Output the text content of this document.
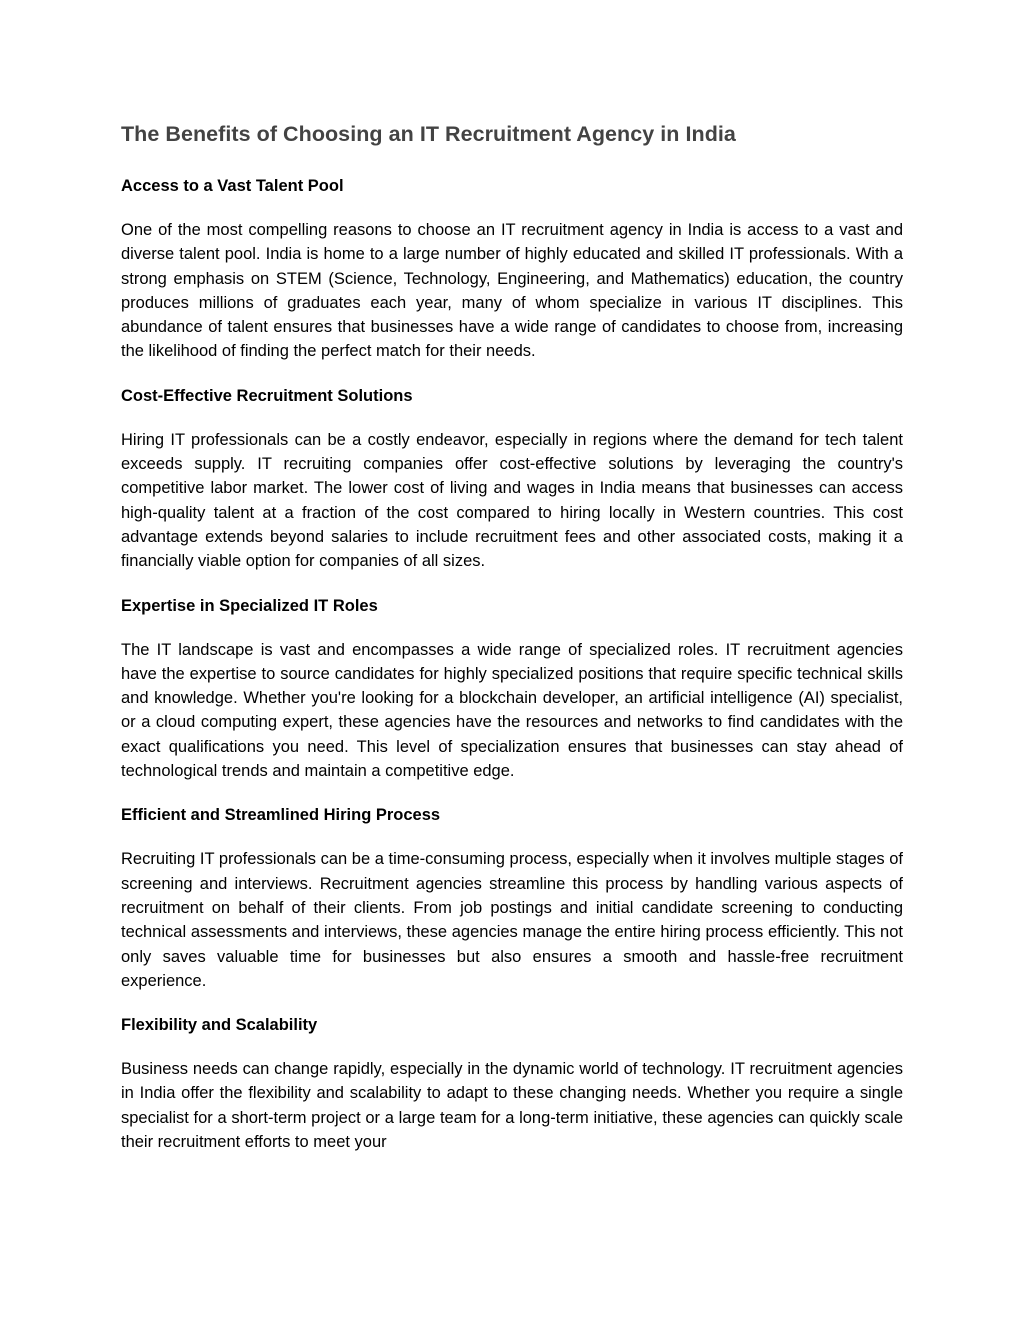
The Benefits of Choosing an IT Recruitment Agency in India
Access to a Vast Talent Pool

One of the most compelling reasons to choose an IT recruitment agency in India is access to a vast and diverse talent pool. India is home to a large number of highly educated and skilled IT professionals. With a strong emphasis on STEM (Science, Technology, Engineering, and Mathematics) education, the country produces millions of graduates each year, many of whom specialize in various IT disciplines. This abundance of talent ensures that businesses have a wide range of candidates to choose from, increasing the likelihood of finding the perfect match for their needs.

Cost-Effective Recruitment Solutions

Hiring IT professionals can be a costly endeavor, especially in regions where the demand for tech talent exceeds supply. IT recruiting companies offer cost-effective solutions by leveraging the country's competitive labor market. The lower cost of living and wages in India means that businesses can access high-quality talent at a fraction of the cost compared to hiring locally in Western countries. This cost advantage extends beyond salaries to include recruitment fees and other associated costs, making it a financially viable option for companies of all sizes.

Expertise in Specialized IT Roles

The IT landscape is vast and encompasses a wide range of specialized roles. IT recruitment agencies have the expertise to source candidates for highly specialized positions that require specific technical skills and knowledge. Whether you're looking for a blockchain developer, an artificial intelligence (AI) specialist, or a cloud computing expert, these agencies have the resources and networks to find candidates with the exact qualifications you need. This level of specialization ensures that businesses can stay ahead of technological trends and maintain a competitive edge.

Efficient and Streamlined Hiring Process

Recruiting IT professionals can be a time-consuming process, especially when it involves multiple stages of screening and interviews. Recruitment agencies streamline this process by handling various aspects of recruitment on behalf of their clients. From job postings and initial candidate screening to conducting technical assessments and interviews, these agencies manage the entire hiring process efficiently. This not only saves valuable time for businesses but also ensures a smooth and hassle-free recruitment experience.

Flexibility and Scalability

Business needs can change rapidly, especially in the dynamic world of technology. IT recruitment agencies in India offer the flexibility and scalability to adapt to these changing needs. Whether you require a single specialist for a short-term project or a large team for a long-term initiative, these agencies can quickly scale their recruitment efforts to meet your
